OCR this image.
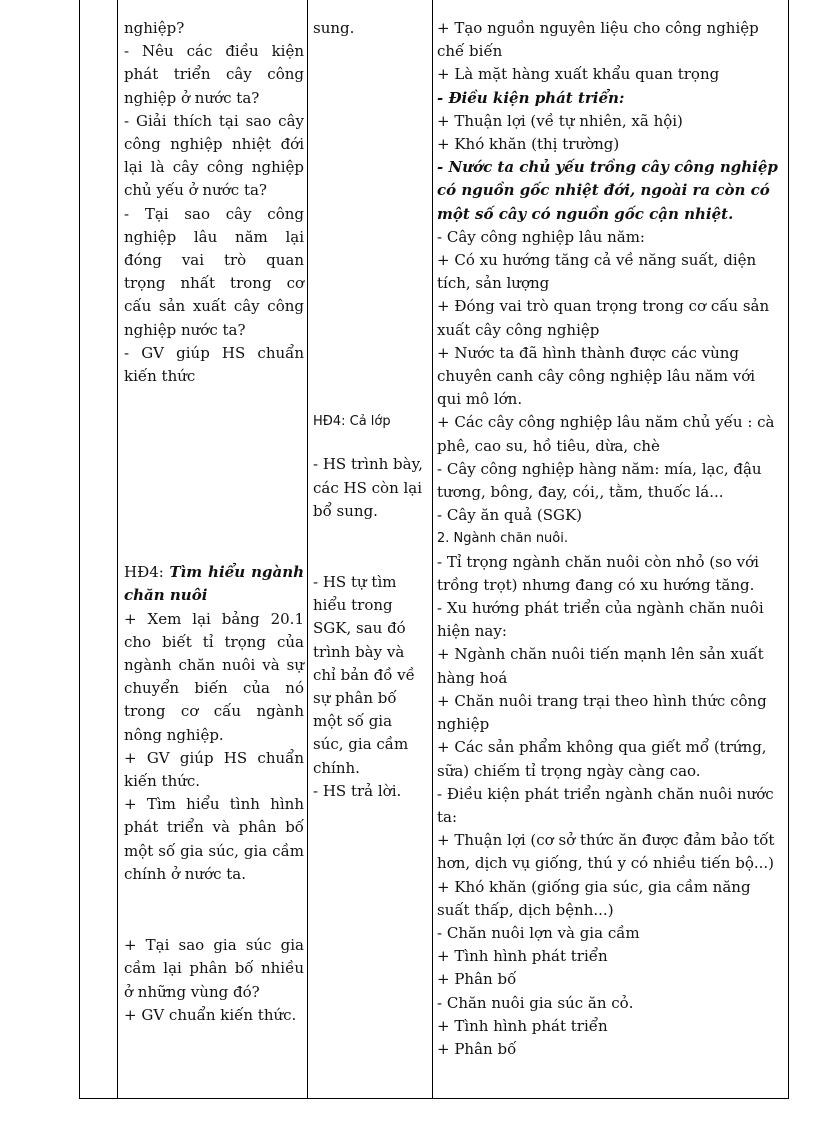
nghiệp?

- Nêu các điều kiện phát triển cây công nghiệp ở nước ta?

- Giải thích tại sao cây công nghiệp nhiệt đới lại là cây công nghiệp chủ yếu ở nước ta?

- Tại sao cây công nghiệp lâu năm lại đóng vai trò quan trọng nhất trong cơ cấu sản xuất cây công nghiệp nước ta?

- GV giúp HS chuẩn kiến thức

HĐ4: Tìm hiểu ngành chăn nuôi

+ Xem lại bảng 20.1 cho biết tỉ trọng của ngành chăn nuôi và sự chuyển biến của nó trong cơ cấu ngành nông nghiệp.

+ GV giúp HS chuẩn kiến thức.

+ Tìm hiểu tình hình phát triển và phân bố một số gia súc, gia cầm chính ở nước ta.

+ Tại sao gia súc gia cầm lại phân bố nhiều ở những vùng đó?

+ GV chuẩn kiến thức.

sung.

HĐ4: Cả lớp

- HS trình bày, các HS còn lại bổ sung.

- HS tự tìm hiểu trong SGK, sau đó trình bày và chỉ bản đồ về sự phân bố một số gia súc, gia cầm chính.

- HS trả lời.

+ Tạo nguồn nguyên liệu cho công nghiệp chế biến

+ Là mặt hàng xuất khẩu quan trọng

- Điều kiện phát triển:

+ Thuận lợi (về tự nhiên, xã hội)

+ Khó khăn (thị trường)

- Nước ta chủ yếu trồng cây công nghiệp có nguồn gốc nhiệt đới, ngoài ra còn có một số cây có nguồn gốc cận nhiệt.

- Cây công nghiệp lâu năm:

+ Có xu hướng tăng cả về năng suất, diện tích, sản lượng

+ Đóng vai trò quan trọng trong cơ cấu sản xuất cây công nghiệp

+ Nước ta đã hình thành được các vùng chuyên canh cây công nghiệp lâu năm với qui mô lớn.

+ Các cây công nghiệp lâu năm chủ yếu : cà phê, cao su, hồ tiêu, dừa, chè

- Cây công nghiệp hàng năm: mía, lạc, đậu tương, bông, đay, cói,, tằm, thuốc lá...

- Cây ăn quả (SGK)

2. Ngành chăn nuôi.

- Tỉ trọng ngành chăn nuôi còn nhỏ (so với trồng trọt) nhưng đang có xu hướng tăng.

- Xu hướng phát triển của ngành chăn nuôi hiện nay:

+ Ngành chăn nuôi tiến mạnh lên sản xuất hàng hoá

+ Chăn nuôi trang trại theo hình thức công nghiệp

+ Các sản phẩm không qua giết mổ (trứng, sữa) chiếm tỉ trọng ngày càng cao.

- Điều kiện phát triển ngành chăn nuôi nước ta:

+ Thuận lợi (cơ sở thức ăn được đảm bảo tốt hơn, dịch vụ giống, thú y có nhiều tiến bộ...)

+ Khó khăn (giống gia súc, gia cầm năng suất thấp, dịch bệnh...)

- Chăn nuôi lợn và gia cầm

+ Tình hình phát triển

+ Phân bố

- Chăn nuôi gia súc ăn cỏ.

+ Tình hình phát triển

+ Phân bố
